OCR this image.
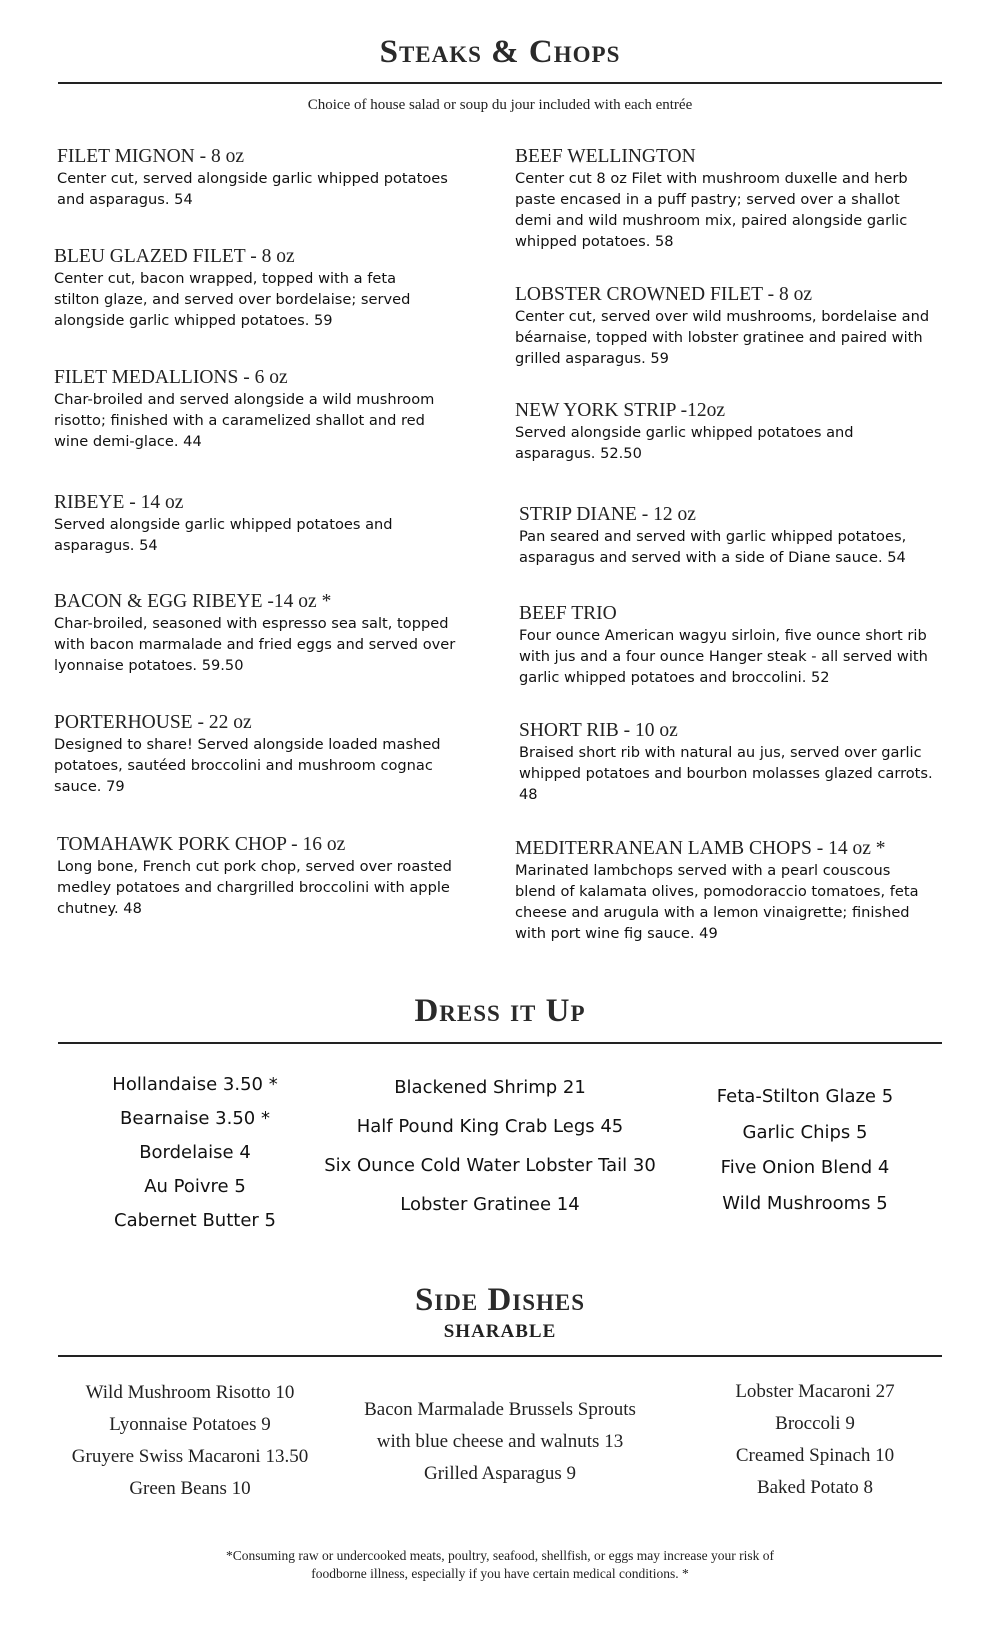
Steaks & Chops
Choice of house salad or soup du jour included with each entrée
FILET MIGNON - 8 oz
Center cut, served alongside garlic whipped potatoes and asparagus. 54
BLEU GLAZED FILET - 8 oz
Center cut, bacon wrapped, topped with a feta stilton glaze, and served over bordelaise; served alongside garlic whipped potatoes. 59
FILET MEDALLIONS - 6 oz
Char-broiled and served alongside a wild mushroom risotto; finished with a caramelized shallot and red wine demi-glace. 44
RIBEYE - 14 oz
Served alongside garlic whipped potatoes and asparagus. 54
BACON & EGG RIBEYE -14 oz *
Char-broiled, seasoned with espresso sea salt, topped with bacon marmalade and fried eggs and served over lyonnaise potatoes. 59.50
PORTERHOUSE - 22 oz
Designed to share! Served alongside loaded mashed potatoes, sautéed broccolini and mushroom cognac sauce. 79
TOMAHAWK PORK CHOP - 16 oz
Long bone, French cut pork chop, served over roasted medley potatoes and chargrilled broccolini with apple chutney. 48
BEEF WELLINGTON
Center cut 8 oz Filet with mushroom duxelle and herb paste encased in a puff pastry; served over a shallot demi and wild mushroom mix, paired alongside garlic whipped potatoes. 58
LOBSTER CROWNED FILET - 8 oz
Center cut, served over wild mushrooms, bordelaise and béarnaise, topped with lobster gratinee and paired with grilled asparagus. 59
NEW YORK STRIP -12oz
Served alongside garlic whipped potatoes and asparagus. 52.50
STRIP DIANE - 12 oz
Pan seared and served with garlic whipped potatoes, asparagus and served with a side of Diane sauce. 54
BEEF TRIO
Four ounce American wagyu sirloin, five ounce short rib with jus and a four ounce Hanger steak - all served with garlic whipped potatoes and broccolini. 52
SHORT RIB - 10 oz
Braised short rib with natural au jus, served over garlic whipped potatoes and bourbon molasses glazed carrots. 48
MEDITERRANEAN LAMB CHOPS - 14 oz *
Marinated lambchops served with a pearl couscous blend of kalamata olives, pomodoraccio tomatoes, feta cheese and arugula with a lemon vinaigrette; finished with port wine fig sauce. 49
Dress it Up
Hollandaise 3.50 *
Bearnaise 3.50 *
Bordelaise 4
Au Poivre 5
Cabernet Butter 5
Blackened Shrimp 21
Half Pound King Crab Legs 45
Six Ounce Cold Water Lobster Tail 30
Lobster Gratinee 14
Feta-Stilton Glaze 5
Garlic Chips 5
Five Onion Blend 4
Wild Mushrooms 5
Side Dishes
SHARABLE
Wild Mushroom Risotto 10
Lyonnaise Potatoes 9
Gruyere Swiss Macaroni 13.50
Green Beans 10
Bacon Marmalade Brussels Sprouts
with blue cheese and walnuts 13
Grilled Asparagus 9
Lobster Macaroni 27
Broccoli 9
Creamed Spinach 10
Baked Potato 8
*Consuming raw or undercooked meats, poultry, seafood, shellfish, or eggs may increase your risk of
foodborne illness, especially if you have certain medical conditions. *
